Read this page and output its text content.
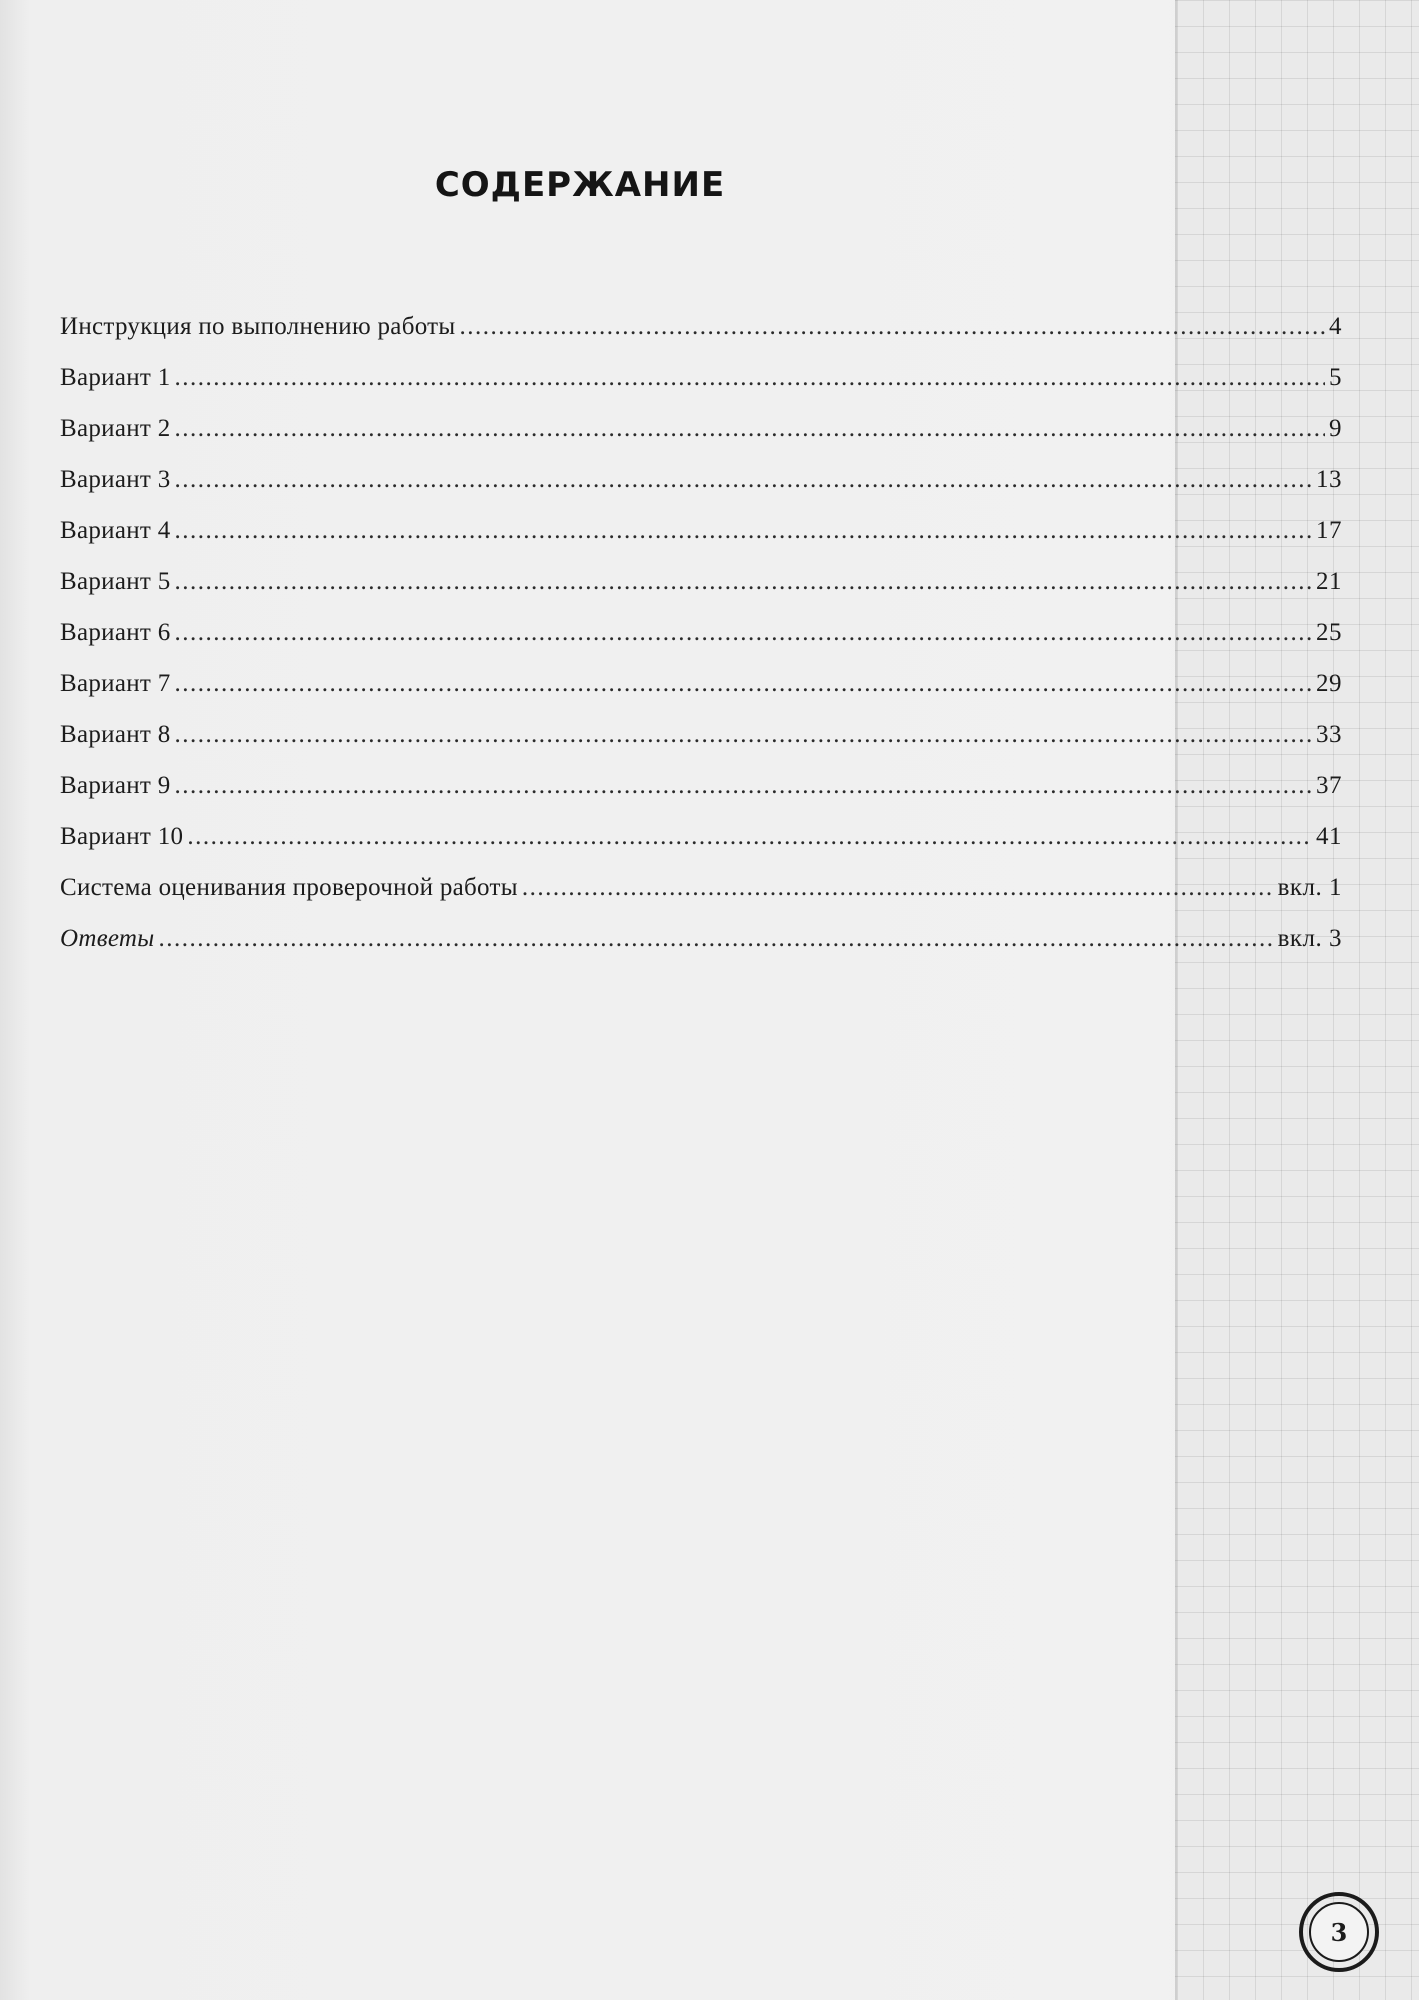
СОДЕРЖАНИЕ
Инструкция по выполнению работы .....	4
Вариант 1 .....	5
Вариант 2 .....	9
Вариант 3 .....	13
Вариант 4 .....	17
Вариант 5 .....	21
Вариант 6 .....	25
Вариант 7 .....	29
Вариант 8 .....	33
Вариант 9 .....	37
Вариант 10 .....	41
Система оценивания проверочной работы .....	вкл. 1
Ответы .....	вкл. 3
3
